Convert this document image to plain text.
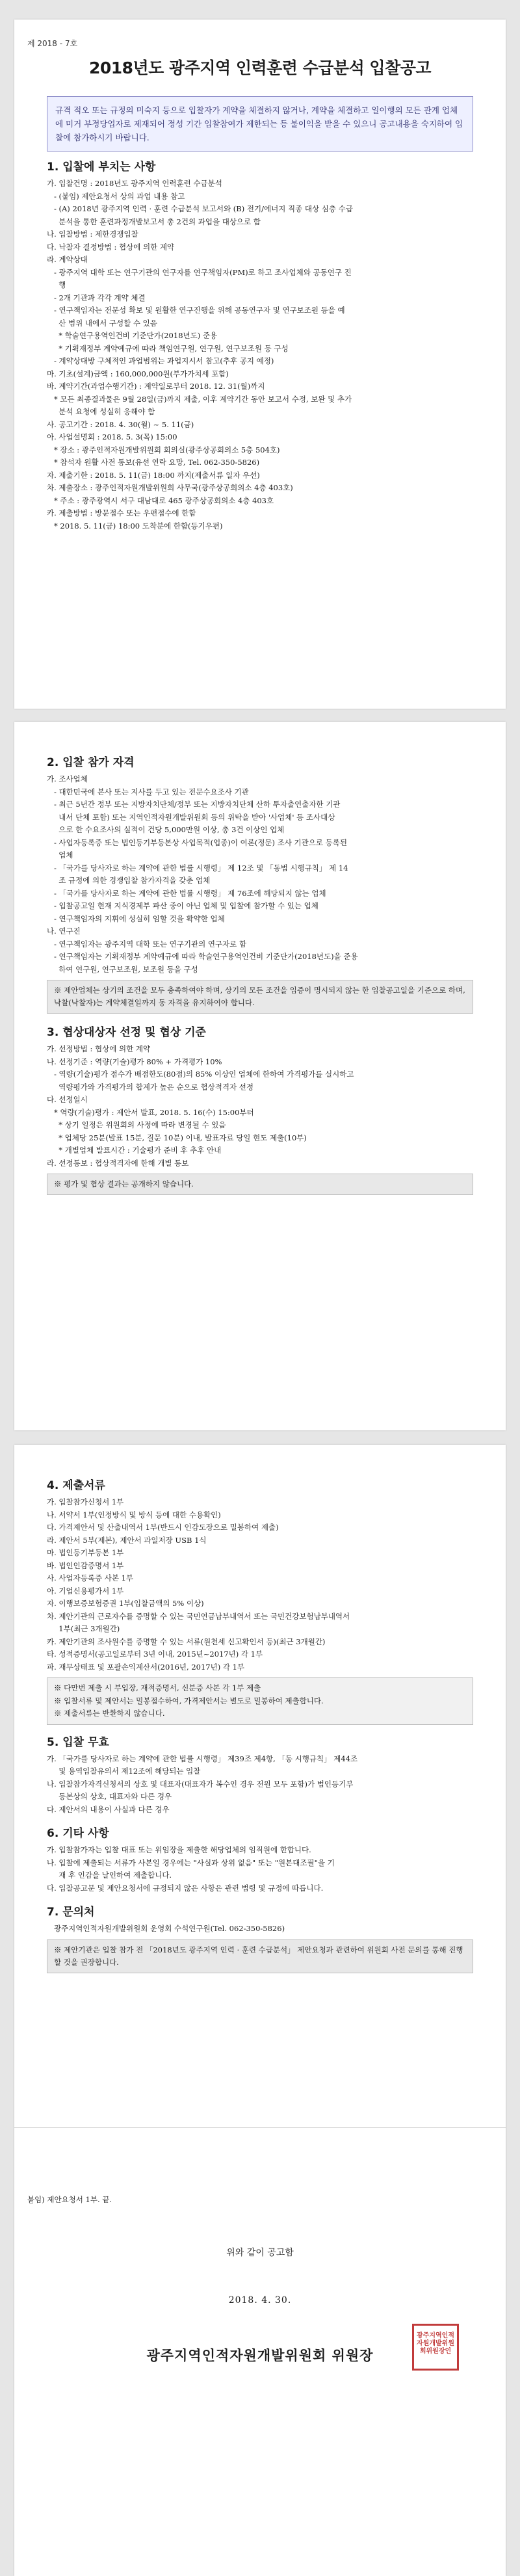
제 2018 - 7호
2018년도 광주지역 인력훈련 수급분석 입찰공고
규격 적오 또는 규정의 미숙지 등으로 입찰자가 계약을 체결하지 않거나, 계약을 체결하고 일이행의 모든 관계 업체에 미거 부정당업자로 제재되어 정성 기간 입찰참여가 제한되는 등 불이익을 받을 수 있으니 공고내용을 숙지하여 입찰에 참가하시기 바랍니다.
1. 입찰에 부치는 사항
가. 입찰건명 : 2018년도 광주지역 인력훈련 수급분석
- (붙임) 제안요청서 상의 과업 내용 참고
- (A) 2018년 광주지역 인력 · 훈련 수급분석 보고서와 (B) 전기/에너지 직종 대상 심층 수급
분석을 통한 훈련과정개발보고서 총 2건의 과업을 대상으로 함
나. 입찰방법 : 제한경쟁입찰
다. 낙찰자 결정방법 : 협상에 의한 계약
라. 계약상대
- 광주지역 대학 또는 연구기관의 연구자를 연구책임자(PM)로 하고 조사업체와 공동연구 진
행
- 2개 기관과 각각 계약 체결
- 연구책임자는 전문성 확보 및 원활한 연구진행을 위해 공동연구자 및 연구보조원 등을 예
산 범위 내에서 구성할 수 있음
* 학술연구용역인건비 기준단가(2018년도) 준용
* 기획재정부 계약예규에 따라 책임연구원, 연구원, 연구보조원 등 구성
- 계약상대방 구체적인 과업범위는 과업지시서 참고(추후 공지 예정)
마. 기초(설계)금액 : 160,000,000원(부가가치세 포함)
바. 계약기간(과업수행기간) : 계약일로부터 2018. 12. 31(월)까지
* 모든 최종결과물은 9월 28일(금)까지 제출, 이후 계약기간 동안 보고서 수정, 보완 및 추가
분석 요청에 성실히 응해야 함
사. 공고기간 : 2018. 4. 30(월) ~ 5. 11(금)
아. 사업설명회 : 2018. 5. 3(목) 15:00
* 장소 : 광주인적자원개발위원회 회의실(광주상공회의소 5층 504호)
* 참석자 원활 사전 통보(유선 연락 요망, Tel. 062-350-5826)
자. 제출기한 : 2018. 5. 11(금) 18:00 까지(제출서류 일자 우선)
차. 제출장소 : 광주인적자원개발위원회 사무국(광주상공회의소 4층 403호)
* 주소 : 광주광역시 서구 대남대로 465 광주상공회의소 4층 403호
카. 제출방법 : 방문접수 또는 우편접수에 한함
* 2018. 5. 11(금) 18:00 도착분에 한함(등기우편)
2. 입찰 참가 자격
가. 조사업체
- 대한민국에 본사 또는 지사를 두고 있는 전문수요조사 기관
- 최근 5년간 정부 또는 지방자치단체/정부 또는 지방자치단체 산하 투자출연출자한 기관
내서 단체 포함) 또는 지역인적자원개발위원회 등의 위탁을 받아 '사업체' 등 조사대상
으로 한 수요조사의 실적이 건당 5,000만원 이상, 총 3건 이상인 업체
- 사업자등록증 또는 법인등기부등본상 사업목적(업종)이 여론(정문) 조사 기관으로 등록된
업체
- 「국가를 당사자로 하는 계약에 관한 법률 시행령」 제 12조 및 「동법 시행규칙」 제 14
조 규정에 의한 경쟁입찰 참가자격을 갖춘 업체
- 「국가를 당사자로 하는 계약에 관한 법률 시행령」 제 76조에 해당되지 않는 업체
- 입찰공고일 현재 지식경제부 파산 중이 아닌 업체 및 입찰에 참가할 수 있는 업체
- 연구책임자의 지휘에 성실히 임할 것을 확약한 업체
나. 연구진
- 연구책임자는 광주지역 대학 또는 연구기관의 연구자로 함
- 연구책임자는 기획재정부 계약예규에 따라 학술연구용역인건비 기준단가(2018년도)을 준용
하여 연구원, 연구보조원, 보조원 등을 구성
※ 제안업체는 상기의 조건을 모두 충족하여야 하며, 상기의 모든 조건을 입증이 명시되지 않는 한 입찰공고일을 기준으로 하며, 낙찰(낙찰자)는 계약체결일까지 동 자격을 유지하여야 합니다.
3. 협상대상자 선정 및 협상 기준
가. 선정방법 : 협상에 의한 계약
나. 선정기준 : 역량(기술)평가 80% + 가격평가 10%
- 역량(기술)평가 점수가 배점한도(80점)의 85% 이상인 업체에 한하여 가격평가를 실시하고
역량평가와 가격평가의 합계가 높은 순으로 협상적격자 선정
다. 선정일시
* 역량(기술)평가 : 제안서 발표, 2018. 5. 16(수) 15:00부터
* 상기 일정은 위원회의 사정에 따라 변경될 수 있음
* 업체당 25분(발표 15분, 질문 10분) 이내, 발표자료 당일 현도 제출(10부)
* 개별업체 발표시간 : 기술평가 준비 후 추후 안내
라. 선정통보 : 협상적격자에 한해 개별 통보
※ 평가 및 협상 결과는 공개하지 않습니다.
4. 제출서류
가. 입찰참가신청서 1부
나. 서약서 1부(인정방식 및 방식 등에 대한 수용확인)
다. 가격제안서 및 산출내역서 1부(반드시 인감도장으로 밀봉하여 제출)
라. 제안서 5부(제본), 제안서 과일저장 USB 1식
마. 법인등기부등본 1부
바. 법인인감증명서 1부
사. 사업자등록증 사본 1부
아. 기업신용평가서 1부
자. 이행보증보험증권 1부(입찰금액의 5% 이상)
차. 제안기관의 근로자수를 증명할 수 있는 국민연금납부내역서 또는 국민건강보험납부내역서
1부(최근 3개월간)
카. 제안기관의 조사원수를 증명할 수 있는 서류(원천세 신고확인서 등)(최근 3개월간)
타. 성적증명서(공고일로부터 3년 이내, 2015년~2017년) 각 1부
파. 재무상태표 및 포괄손익계산서(2016년, 2017년) 각 1부
※ 다만번 제출 시 부입장, 재적증명서, 신분증 사본 각 1부 제출
※ 입찰서류 및 제안서는 밀봉접수하여, 가격제안서는 별도로 밀봉하여 제출합니다.
※ 제출서류는 반환하지 않습니다.
5. 입찰 무효
가. 「국가를 당사자로 하는 계약에 관한 법률 시행령」 제39조 제4항, 「동 시행규칙」 제44조
및 용역입찰유의서 제12조에 해당되는 입찰
나. 입찰참가자격신청서의 상호 및 대표자(대표자가 복수인 경우 전원 모두 포함)가 법인등기부
등본상의 상호, 대표자와 다른 경우
다. 제안서의 내용이 사실과 다른 경우
6. 기타 사항
가. 입찰참가자는 입찰 대표 또는 위임장을 제출한 해당업체의 임직원에 한합니다.
나. 입찰에 제출되는 서류가 사본일 경우에는 "사실과 상위 없음" 또는 "원본대조필"을 기
재 후 인감을 날인하여 제출합니다.
다. 입찰공고문 및 제안요청서에 규정되지 않은 사항은 관련 법령 및 규정에 따릅니다.
7. 문의처
광주지역인적자원개발위원회 운영회 수석연구원(Tel. 062-350-5826)
※ 제안기관은 입찰 참가 전 「2018년도 광주지역 인력 · 훈련 수급분석」 제안요청과 관련하여 위원회 사전 문의를 통해 진행할 것을 권장합니다.
붙임) 제안요청서 1부. 끝.
위와 같이 공고함
2018. 4. 30.
광주지역인적자원개발위원회 위원장
광주지역인적자원개발위원회위원장인
